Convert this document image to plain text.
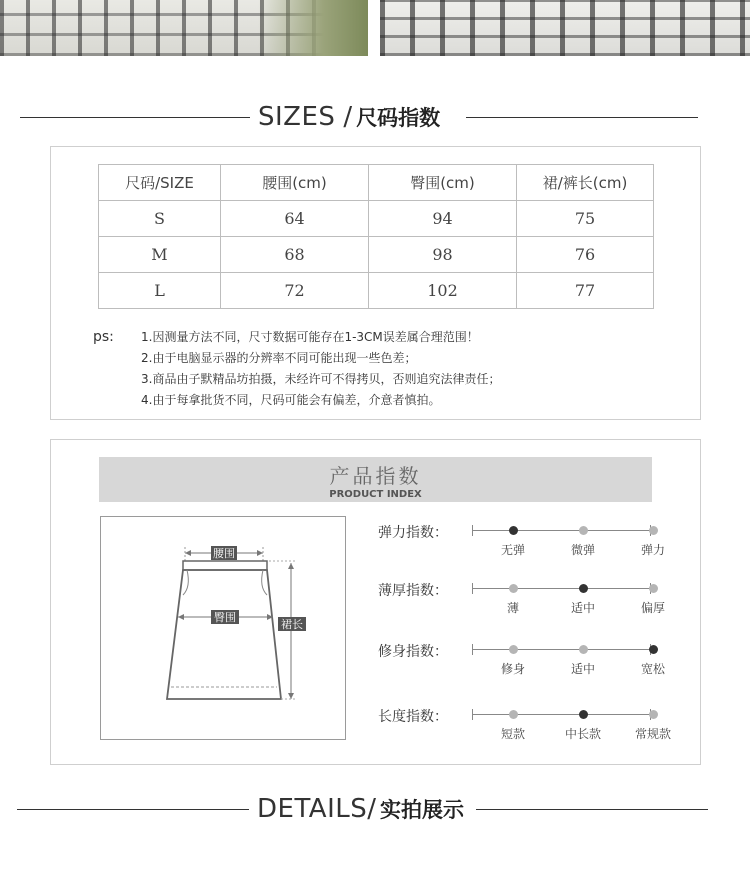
SIZES / 尺码指数
尺码/SIZE	腰围(cm)	臀围(cm)	裙/裤长(cm)
S	64	94	75
M	68	98	76
L	72	102	77
ps: 1.因测量方法不同，尺寸数据可能存在1-3CM误差属合理范围！
2.由于电脑显示器的分辨率不同可能出现一些色差；
3.商品由子默精品坊拍摄，未经许可不得拷贝，否则追究法律责任；
4.由于每拿批货不同，尺码可能会有偏差，介意者慎拍。
产品指数
PRODUCT INDEX
腰围
臀围
裙长
弹力指数：
无弹	微弹	弹力
薄厚指数：
薄	适中	偏厚
修身指数：
修身	适中	宽松
长度指数：
短款	中长款	常规款
DETAILS / 实拍展示
